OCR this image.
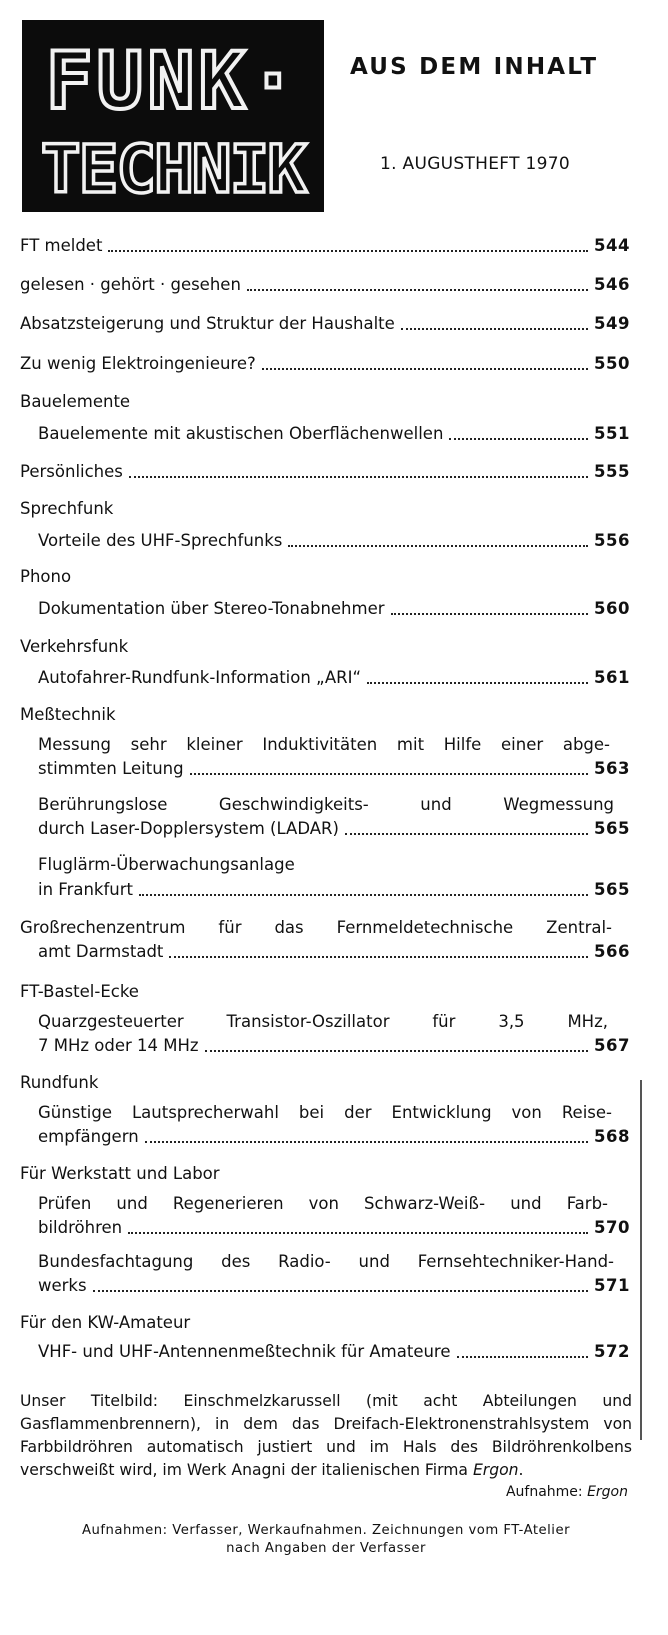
FUNK·
TECHNIK
AUS DEM INHALT
1. AUGUSTHEFT 1970
FT meldet	544
gelesen · gehört · gesehen	546
Absatzsteigerung und Struktur der Haushalte	549
Zu wenig Elektroingenieure?	550
Bauelemente
Bauelemente mit akustischen Oberflächenwellen	551
Persönliches	555
Sprechfunk
Vorteile des UHF-Sprechfunks	556
Phono
Dokumentation über Stereo-Tonabnehmer	560
Verkehrsfunk
Autofahrer-Rundfunk-Information „ARI“	561
Meßtechnik
Messung sehr kleiner Induktivitäten mit Hilfe einer abge-
stimmten Leitung	563
Berührungslose Geschwindigkeits- und Wegmessung
durch Laser-Dopplersystem (LADAR)	565
Fluglärm-Überwachungsanlage
in Frankfurt	565
Großrechenzentrum für das Fernmeldetechnische Zentral-
amt Darmstadt	566
FT-Bastel-Ecke
Quarzgesteuerter Transistor-Oszillator für 3,5 MHz,
7 MHz oder 14 MHz	567
Rundfunk
Günstige Lautsprecherwahl bei der Entwicklung von Reise-
empfängern	568
Für Werkstatt und Labor
Prüfen und Regenerieren von Schwarz-Weiß- und Farb-
bildröhren	570
Bundesfachtagung des Radio- und Fernsehtechniker-Hand-
werks	571
Für den KW-Amateur
VHF- und UHF-Antennenmeßtechnik für Amateure	572
Unser Titelbild: Einschmelzkarussell (mit acht Abteilungen und Gasflammenbrennern), in dem das Dreifach-Elektronenstrahlsystem von Farbbildröhren automatisch justiert und im Hals des Bildröhrenkolbens verschweißt wird, im Werk Anagni der italienischen Firma Ergon.
Aufnahme: Ergon
Aufnahmen: Verfasser, Werkaufnahmen. Zeichnungen vom FT-Atelier
nach Angaben der Verfasser
